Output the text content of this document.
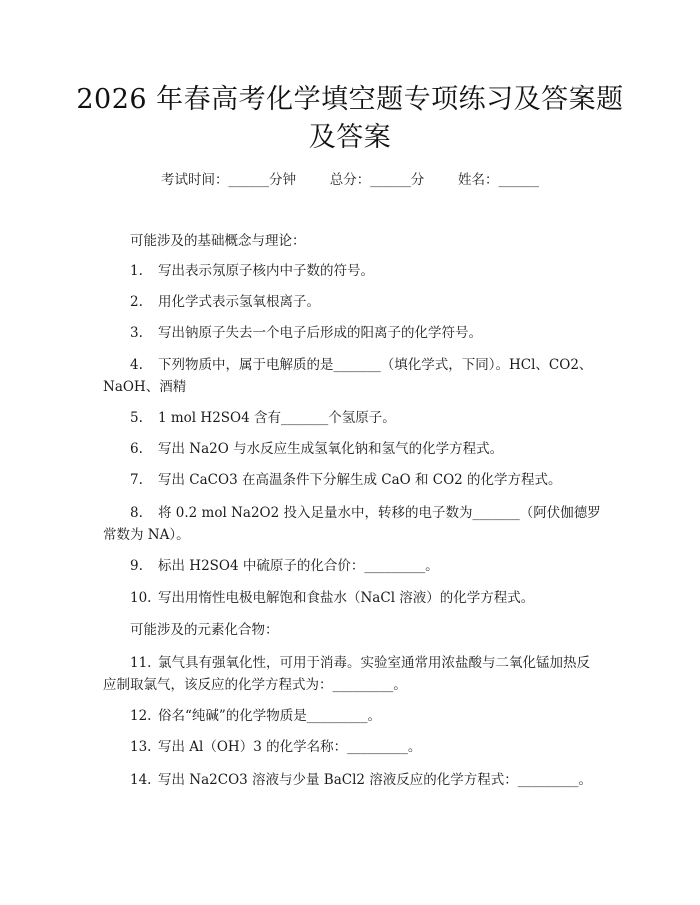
2026 年春高考化学填空题专项练习及答案题
及答案
考试时间：______分钟	总分：______分	姓名：______
可能涉及的基础概念与理论：
1. 写出表示氖原子核内中子数的符号。
2. 用化学式表示氢氧根离子。
3. 写出钠原子失去一个电子后形成的阳离子的化学符号。
4. 下列物质中，属于电解质的是_______（填化学式，下同）。HCl、CO2、
NaOH、酒精
5. 1 mol H2SO4 含有_______个氢原子。
6. 写出 Na2O 与水反应生成氢氧化钠和氢气的化学方程式。
7. 写出 CaCO3 在高温条件下分解生成 CaO 和 CO2 的化学方程式。
8. 将 0.2 mol Na2O2 投入足量水中，转移的电子数为_______（阿伏伽德罗
常数为 NA）。
9. 标出 H2SO4 中硫原子的化合价：_________。
10. 写出用惰性电极电解饱和食盐水（NaCl 溶液）的化学方程式。
可能涉及的元素化合物：
11. 氯气具有强氧化性，可用于消毒。实验室通常用浓盐酸与二氧化锰加热反
应制取氯气，该反应的化学方程式为：_________。
12. 俗名“纯碱”的化学物质是_________。
13. 写出 Al（OH）3 的化学名称：_________。
14. 写出 Na2CO3 溶液与少量 BaCl2 溶液反应的化学方程式：_________。
